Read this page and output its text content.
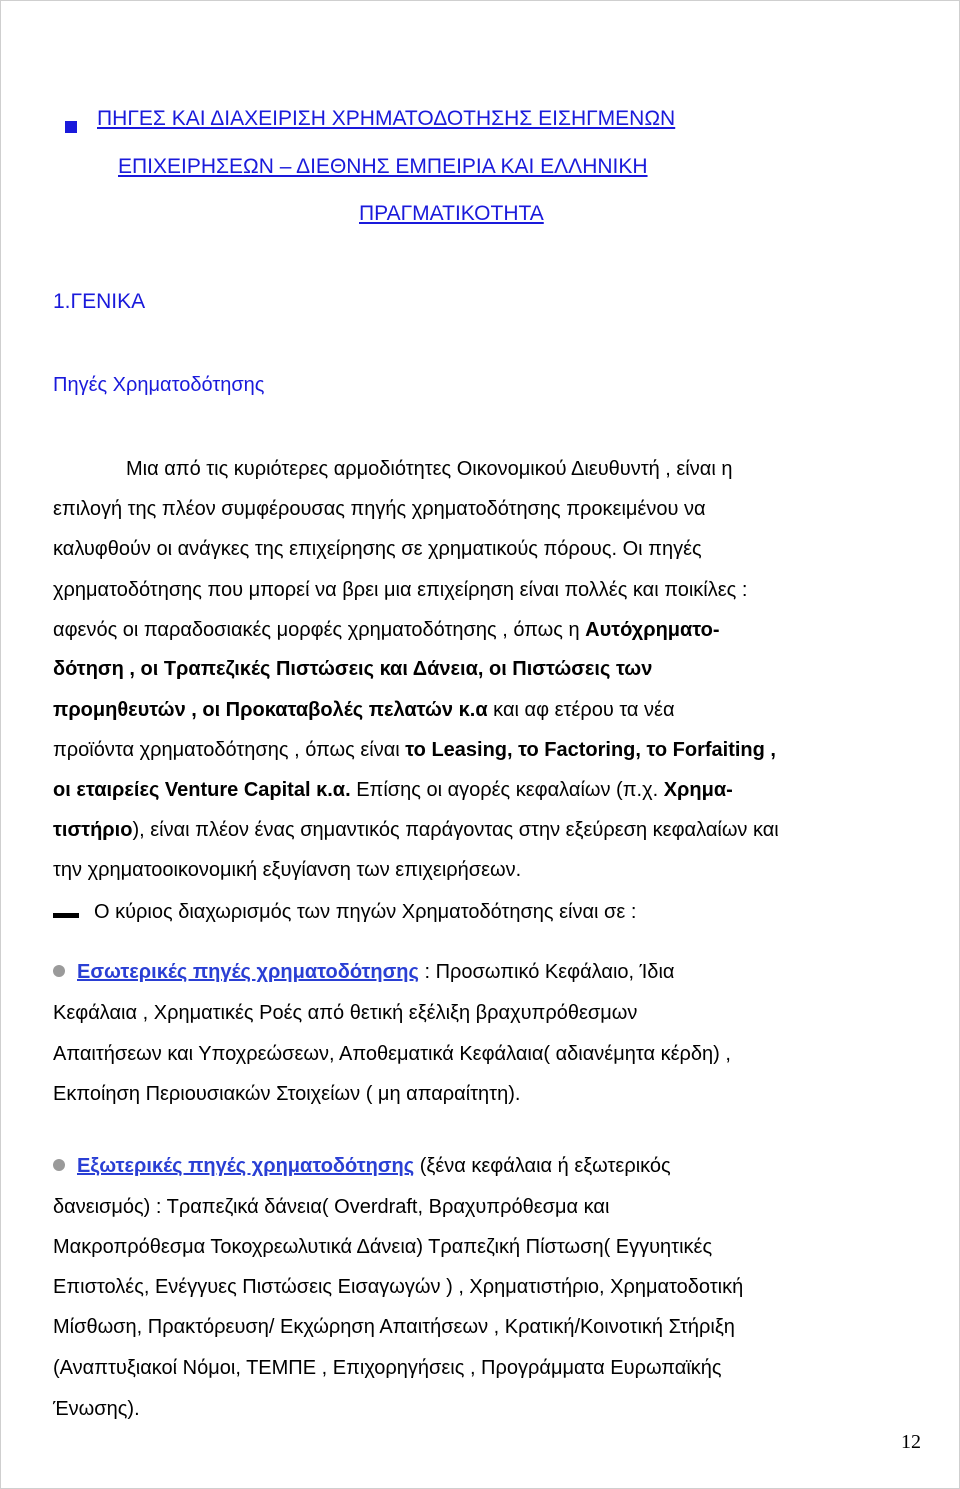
ΠΗΓΕΣ ΚΑΙ ΔΙΑΧΕΙΡΙΣΗ ΧΡΗΜΑΤΟΔΟΤΗΣΗΣ ΕΙΣΗΓΜΕΝΩΝ
ΕΠΙΧΕΙΡΗΣΕΩΝ – ΔΙΕΘΝΗΣ ΕΜΠΕΙΡΙΑ ΚΑΙ ΕΛΛΗΝΙΚΗ
ΠΡΑΓΜΑΤΙΚΟΤΗΤΑ
1.ΓΕΝΙΚΑ
Πηγές Χρηματοδότησης
Μια από τις κυριότερες αρμοδιότητες Οικονομικού Διευθυντή , είναι η
επιλογή της πλέον συμφέρουσας πηγής χρηματοδότησης προκειμένου να
καλυφθούν οι ανάγκες της επιχείρησης σε χρηματικούς πόρους. Οι πηγές
χρηματοδότησης που μπορεί να βρει μια επιχείρηση είναι πολλές και ποικίλες :
αφενός οι παραδοσιακές μορφές χρηματοδότησης , όπως η Αυτόχρηματο-
δότηση , οι Τραπεζικές Πιστώσεις και Δάνεια, οι Πιστώσεις των
προμηθευτών , οι Προκαταβολές πελατών κ.α και αφ ετέρου τα νέα
προϊόντα χρηματοδότησης , όπως είναι το Leasing, το Factoring, το Forfaiting ,
οι εταιρείες Venture Capital κ.α. Επίσης οι αγορές κεφαλαίων (π.χ. Χρημα-
τιστήριο), είναι πλέον ένας σημαντικός παράγοντας στην εξεύρεση κεφαλαίων και
την χρηματοοικονομική εξυγίανση των επιχειρήσεων.
Ο κύριος διαχωρισμός των πηγών Χρηματοδότησης είναι σε :
Εσωτερικές πηγές χρηματοδότησης : Προσωπικό Κεφάλαιο, Ίδια
Κεφάλαια , Χρηματικές Ροές από θετική εξέλιξη βραχυπρόθεσμων
Απαιτήσεων και Υποχρεώσεων, Αποθεματικά Κεφάλαια( αδιανέμητα κέρδη) ,
Εκποίηση Περιουσιακών Στοιχείων ( μη απαραίτητη).
Εξωτερικές πηγές χρηματοδότησης (ξένα κεφάλαια ή εξωτερικός
δανεισμός) : Τραπεζικά δάνεια( Overdraft, Βραχυπρόθεσμα και
Μακροπρόθεσμα Τοκοχρεωλυτικά Δάνεια) Τραπεζική Πίστωση( Εγγυητικές
Επιστολές, Ενέγγυες Πιστώσεις Εισαγωγών ) , Χρηματιστήριο, Χρηματοδοτική
Μίσθωση, Πρακτόρευση/ Εκχώρηση Απαιτήσεων , Κρατική/Κοινοτική Στήριξη
(Αναπτυξιακοί Νόμοι, ΤΕΜΠΕ , Επιχορηγήσεις , Προγράμματα Ευρωπαϊκής
Ένωσης).
12
